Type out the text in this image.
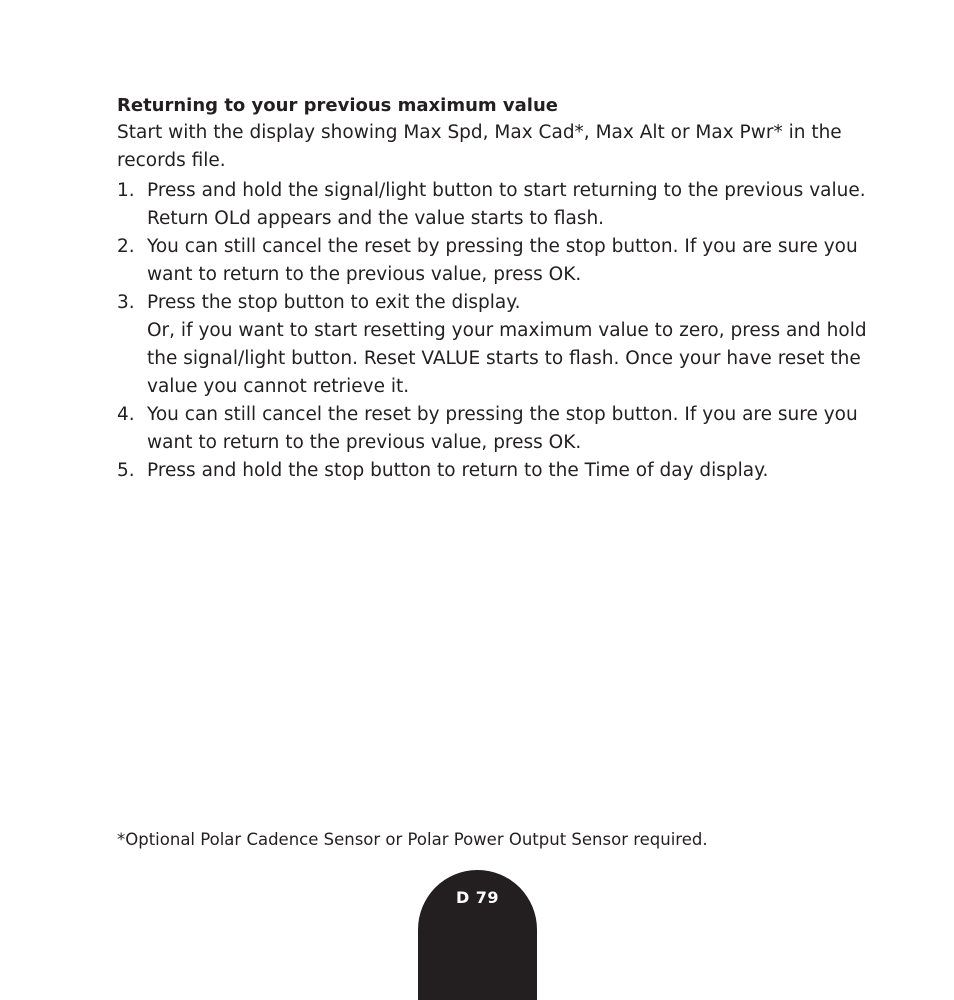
Returning to your previous maximum value

Start with the display showing Max Spd, Max Cad*, Max Alt or Max Pwr* in the records file.

1. Press and hold the signal/light button to start returning to the previous value. Return OLd appears and the value starts to flash.
2. You can still cancel the reset by pressing the stop button. If you are sure you want to return to the previous value, press OK.
3. Press the stop button to exit the display.
Or, if you want to start resetting your maximum value to zero, press and hold the signal/light button. Reset VALUE starts to flash. Once your have reset the value you cannot retrieve it.
4. You can still cancel the reset by pressing the stop button. If you are sure you want to return to the previous value, press OK.
5. Press and hold the stop button to return to the Time of day display.

*Optional Polar Cadence Sensor or Polar Power Output Sensor required.

D 79
